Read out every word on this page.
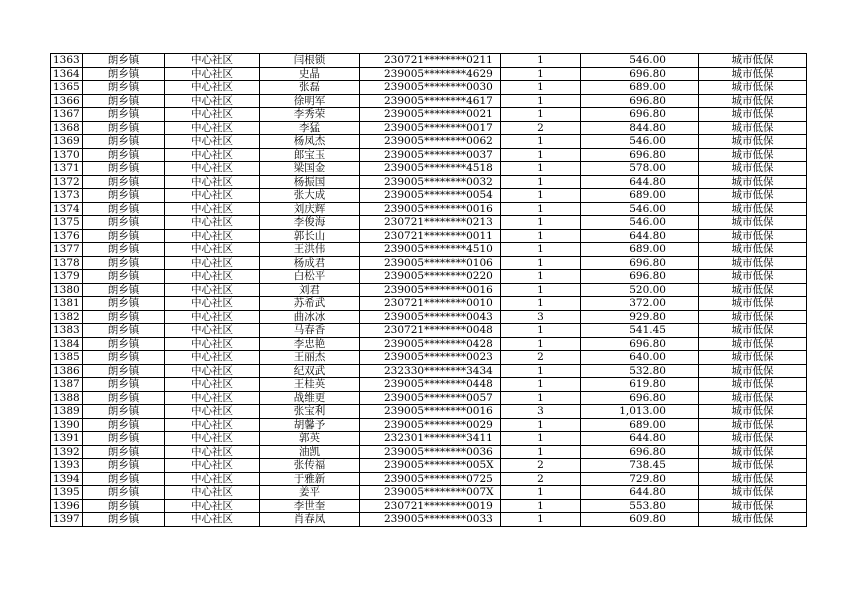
1363	朗乡镇	中心社区	闫根锁	230721********0211	1	546.00	城市低保
1364	朗乡镇	中心社区	史晶	239005********4629	1	696.80	城市低保
1365	朗乡镇	中心社区	张磊	239005********0030	1	689.00	城市低保
1366	朗乡镇	中心社区	徐明军	239005********4617	1	696.80	城市低保
1367	朗乡镇	中心社区	李秀荣	239005********0021	1	696.80	城市低保
1368	朗乡镇	中心社区	李猛	239005********0017	2	844.80	城市低保
1369	朗乡镇	中心社区	杨凤杰	239005********0062	1	546.00	城市低保
1370	朗乡镇	中心社区	郎宝玉	239005********0037	1	696.80	城市低保
1371	朗乡镇	中心社区	梁国金	239005********4518	1	578.00	城市低保
1372	朗乡镇	中心社区	杨振国	239005********0032	1	644.80	城市低保
1373	朗乡镇	中心社区	张大成	239005********0054	1	689.00	城市低保
1374	朗乡镇	中心社区	刘庆辉	239005********0016	1	546.00	城市低保
1375	朗乡镇	中心社区	李俊海	230721********0213	1	546.00	城市低保
1376	朗乡镇	中心社区	郭长山	230721********0011	1	644.80	城市低保
1377	朗乡镇	中心社区	王洪伟	239005********4510	1	689.00	城市低保
1378	朗乡镇	中心社区	杨成君	239005********0106	1	696.80	城市低保
1379	朗乡镇	中心社区	白松平	239005********0220	1	696.80	城市低保
1380	朗乡镇	中心社区	刘君	239005********0016	1	520.00	城市低保
1381	朗乡镇	中心社区	苏希武	230721********0010	1	372.00	城市低保
1382	朗乡镇	中心社区	曲冰冰	239005********0043	3	929.80	城市低保
1383	朗乡镇	中心社区	马春香	230721********0048	1	541.45	城市低保
1384	朗乡镇	中心社区	李忠艳	239005********0428	1	696.80	城市低保
1385	朗乡镇	中心社区	王丽杰	239005********0023	2	640.00	城市低保
1386	朗乡镇	中心社区	纪双武	232330********3434	1	532.80	城市低保
1387	朗乡镇	中心社区	王桂英	239005********0448	1	619.80	城市低保
1388	朗乡镇	中心社区	战维更	239005********0057	1	696.80	城市低保
1389	朗乡镇	中心社区	张宝利	239005********0016	3	1,013.00	城市低保
1390	朗乡镇	中心社区	胡馨予	239005********0029	1	689.00	城市低保
1391	朗乡镇	中心社区	郭英	232301********3411	1	644.80	城市低保
1392	朗乡镇	中心社区	油凯	239005********0036	1	696.80	城市低保
1393	朗乡镇	中心社区	张传福	239005********005X	2	738.45	城市低保
1394	朗乡镇	中心社区	于雅新	239005********0725	2	729.80	城市低保
1395	朗乡镇	中心社区	姜平	239005********007X	1	644.80	城市低保
1396	朗乡镇	中心社区	李世奎	230721********0019	1	553.80	城市低保
1397	朗乡镇	中心社区	肖春凤	239005********0033	1	609.80	城市低保
